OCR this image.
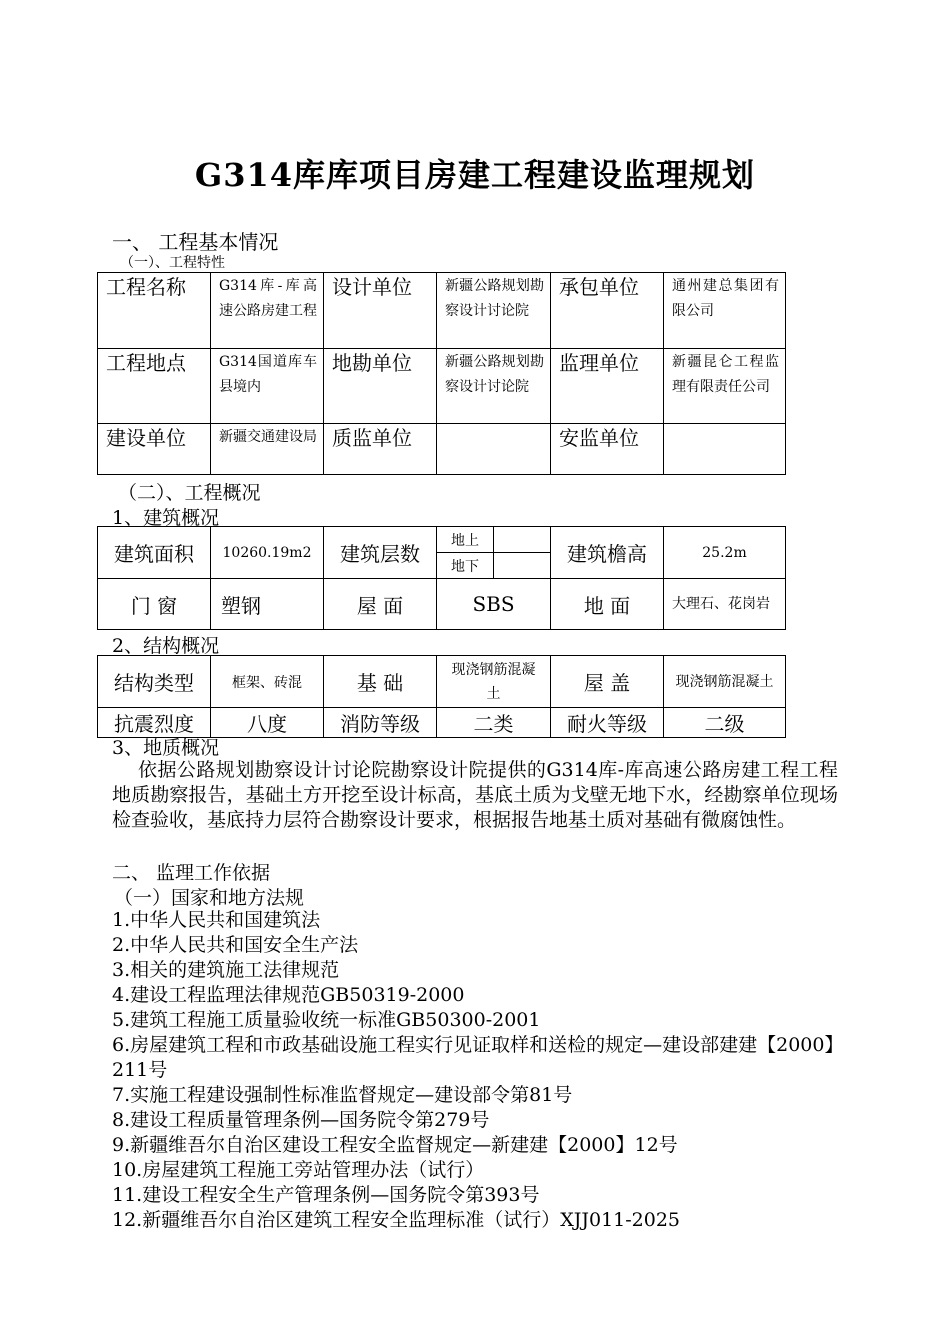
G314库库项目房建工程建设监理规划
一、 工程基本情况
（一）、工程特性
工程名称	G314库-库高速公路房建工程	设计单位	新疆公路规划勘察设计讨论院	承包单位	通州建总集团有限公司
工程地点	G314国道库车县境内	地勘单位	新疆公路规划勘察设计讨论院	监理单位	新疆昆仑工程监理有限责任公司
建设单位	新疆交通建设局	质监单位		安监单位	
（二）、工程概况
1、建筑概况
建筑面积	10260.19m2	建筑层数	地上		建筑檐高	25.2m
			地下			
门 窗	塑钢	屋 面	SBS		地 面	大理石、花岗岩
2、结构概况
结构类型	框架、砖混	基 础	现浇钢筋混凝土	屋 盖	现浇钢筋混凝土
抗震烈度	八度	消防等级	二类	耐火等级	二级
3、地质概况
依据公路规划勘察设计讨论院勘察设计院提供的G314库-库高速公路房建工程工程地质勘察报告，基础土方开挖至设计标高，基底土质为戈壁无地下水，经勘察单位现场检查验收，基底持力层符合勘察设计要求，根据报告地基土质对基础有微腐蚀性。
二、 监理工作依据
（一）国家和地方法规
1.中华人民共和国建筑法
2.中华人民共和国安全生产法
3.相关的建筑施工法律规范
4.建设工程监理法律规范GB50319-2000
5.建筑工程施工质量验收统一标准GB50300-2001
6.房屋建筑工程和市政基础设施工程实行见证取样和送检的规定—建设部建建【2000】211号
7.实施工程建设强制性标准监督规定—建设部令第81号
8.建设工程质量管理条例—国务院令第279号
9.新疆维吾尔自治区建设工程安全监督规定—新建建【2000】12号
10.房屋建筑工程施工旁站管理办法（试行）
11.建设工程安全生产管理条例—国务院令第393号
12.新疆维吾尔自治区建筑工程安全监理标准（试行）XJJ011-2025
